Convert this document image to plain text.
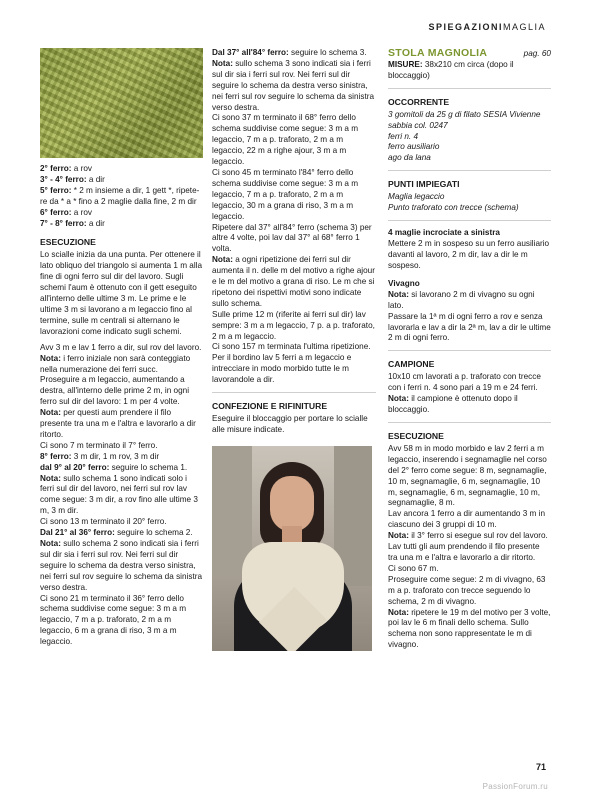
SPIEGAZIONIMAGLIA

2° ferro: a rov

3° - 4° ferro: a dir

5° ferro: * 2 m insieme a dir, 1 gett *, ripete-re da * a * fino a 2 maglie dalla fine, 2 m dir

6° ferro: a rov

7° - 8° ferro: a dir

ESECUZIONE

Lo scialle inizia da una punta. Per ottenere il lato obliquo del triangolo si aumenta 1 m alla fine di ogni ferro sul dir del lavoro. Sugli schemi l'aum è ottenuto con il gett eseguito all'interno delle ultime 3 m. Le prime e le ultime 3 m si lavorano a m legaccio fino al termine, sulle m centrali si alternano le lavorazioni come indicato sugli schemi.

Avv 3 m e lav 1 ferro a dir, sul rov del lavoro.

Nota: i ferro iniziale non sarà conteggiato nella numerazione dei ferri succ.

Proseguire a m legaccio, aumentando a destra, all'interno delle prime 2 m, in ogni ferro sul dir del lavoro: 1 m per 4 volte.

Nota: per questi aum prendere il filo presente tra una m e l'altra e lavorarlo a dir ritorto.

Ci sono 7 m terminato il 7° ferro.

8° ferro: 3 m dir, 1 m rov, 3 m dir

dal 9° al 20° ferro: seguire lo schema 1.

Nota: sullo schema 1 sono indicati solo i ferri sul dir del lavoro, nei ferri sul rov lav come segue: 3 m dir, a rov fino alle ultime 3 m, 3 m dir.

Ci sono 13 m terminato il 20° ferro.

Dal 21° al 36° ferro: seguire lo schema 2.

Nota: sullo schema 2 sono indicati sia i ferri sul dir sia i ferri sul rov. Nei ferri sul dir seguire lo schema da destra verso sinistra, nei ferri sul rov seguire lo schema da sinistra verso destra.

Ci sono 21 m terminato il 36° ferro dello schema suddivise come segue: 3 m a m legaccio, 7 m a p. traforato, 2 m a m legaccio, 6 m a grana di riso, 3 m a m legaccio.

Dal 37° all'84° ferro: seguire lo schema 3.

Nota: sullo schema 3 sono indicati sia i ferri sul dir sia i ferri sul rov. Nei ferri sul dir seguire lo schema da destra verso sinistra, nei ferri sul rov seguire lo schema da sinistra verso destra.

Ci sono 37 m terminato il 68° ferro dello schema suddivise come segue: 3 m a m legaccio, 7 m a p. traforato, 2 m a m legaccio, 22 m a righe ajour, 3 m a m legaccio.

Ci sono 45 m terminato l'84° ferro dello schema suddivise come segue: 3 m a m legaccio, 7 m a p. traforato, 2 m a m legaccio, 30 m a grana di riso, 3 m a m legaccio.

Ripetere dal 37° all'84° ferro (schema 3) per altre 4 volte, poi lav dal 37° al 68° ferro 1 volta.

Nota: a ogni ripetizione dei ferri sul dir aumenta il n. delle m del motivo a righe ajour e le m del motivo a grana di riso. Le m che si ripetono dei rispettivi motivi sono indicate sullo schema.

Sulle prime 12 m (riferite ai ferri sul dir) lav sempre: 3 m a m legaccio, 7 p. a p. traforato, 2 m a m legaccio.

Ci sono 157 m terminata l'ultima ripetizione.

Per il bordino lav 5 ferri a m legaccio e intrecciare in modo morbido tutte le m lavorandole a dir.

CONFEZIONE E RIFINITURE

Eseguire il bloccaggio per portare lo scialle alle misure indicate.

STOLA MAGNOLIA	pag. 60

MISURE: 38x210 cm circa (dopo il bloccaggio)

OCCORRENTE

3 gomitoli da 25 g di filato SESIA Vivienne sabbia col. 0247

ferri n. 4

ferro ausiliario

ago da lana

PUNTI IMPIEGATI

Maglia legaccio

Punto traforato con trecce (schema)

4 maglie incrociate a sinistra

Mettere 2 m in sospeso su un ferro ausiliario davanti al lavoro, 2 m dir, lav a dir le m sospeso.

Vivagno

Nota: si lavorano 2 m di vivagno su ogni lato.

Passare la 1ª m di ogni ferro a rov e senza lavorarla e lav a dir la 2ª m, lav a dir le ultime 2 m di ogni ferro.

CAMPIONE

10x10 cm lavorati a p. traforato con trecce con i ferri n. 4 sono pari a 19 m e 24 ferri.

Nota: il campione è ottenuto dopo il bloccaggio.

ESECUZIONE

Avv 58 m in modo morbido e lav 2 ferri a m legaccio, inserendo i segnamaglie nel corso del 2° ferro come segue: 8 m, segnamaglie, 10 m, segnamaglie, 6 m, segnamaglie, 10 m, segnamaglie, 6 m, segnamaglie, 10 m, segnamaglie, 8 m.

Lav ancora 1 ferro a dir aumentando 3 m in ciascuno dei 3 gruppi di 10 m.

Nota: il 3° ferro si esegue sul rov del lavoro. Lav tutti gli aum prendendo il filo presente tra una m e l'altra e lavorarlo a dir ritorto.

Ci sono 67 m.

Proseguire come segue: 2 m di vivagno, 63 m a p. traforato con trecce seguendo lo schema, 2 m di vivagno.

Nota: ripetere le 19 m del motivo per 3 volte, poi lav le 6 m finali dello schema. Sullo schema non sono rappresentate le m di vivagno.

71
PassionForum.ru
